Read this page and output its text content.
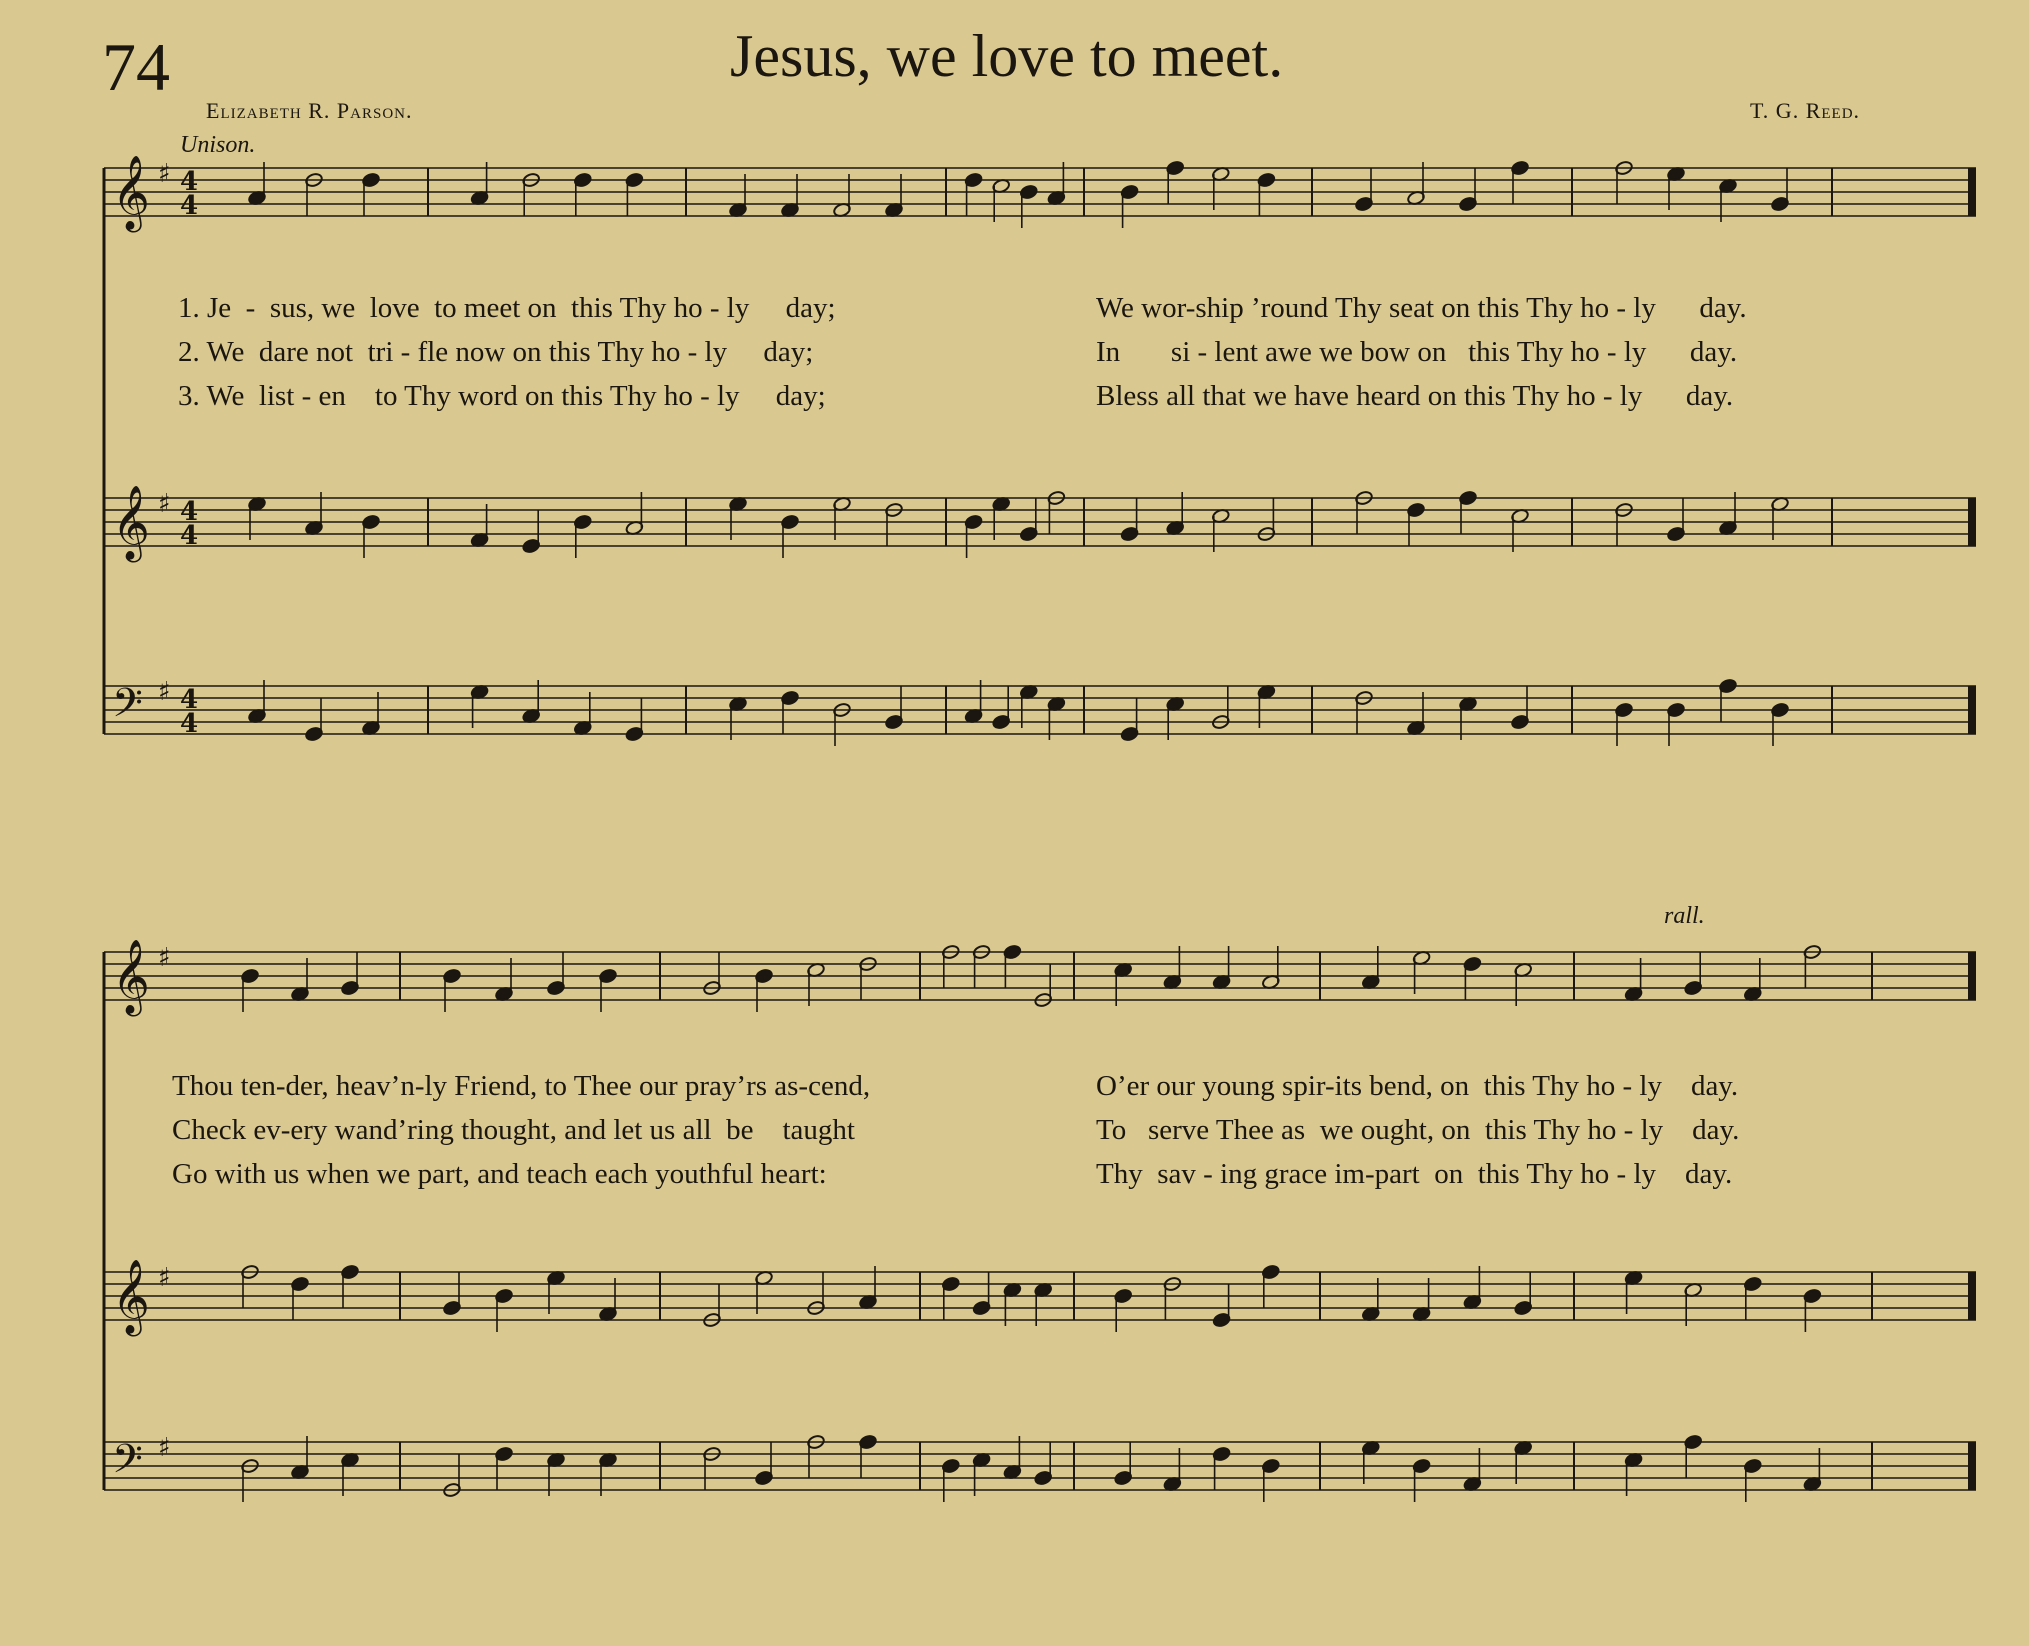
74	Jesus, we love to meet.
Elizabeth R. Parson.	T. G. Reed.
Unison.
rall.
𝄞 4
4
♯
𝄞 4
4
♯
𝄢 4
4
♯
𝄞 ♯
𝄞 ♯
𝄢 ♯
1. Je  -  sus, we  love  to meet on  this Thy ho - ly     day;	We wor-ship ’round Thy seat on this Thy ho - ly      day.
2. We  dare not  tri - fle now on this Thy ho - ly     day;	In       si - lent awe we bow on   this Thy ho - ly      day.
3. We  list - en    to Thy word on this Thy ho - ly     day;	Bless all that we have heard on this Thy ho - ly      day.
Thou ten-der, heav’n-ly Friend, to Thee our pray’rs as-cend,	O’er our young spir-its bend, on  this Thy ho - ly    day.
Check ev-ery wand’ring thought, and let us all  be    taught	To   serve Thee as  we ought, on  this Thy ho - ly    day.
Go with us when we part, and teach each youthful heart:	Thy  sav - ing grace im-part  on  this Thy ho - ly    day.
